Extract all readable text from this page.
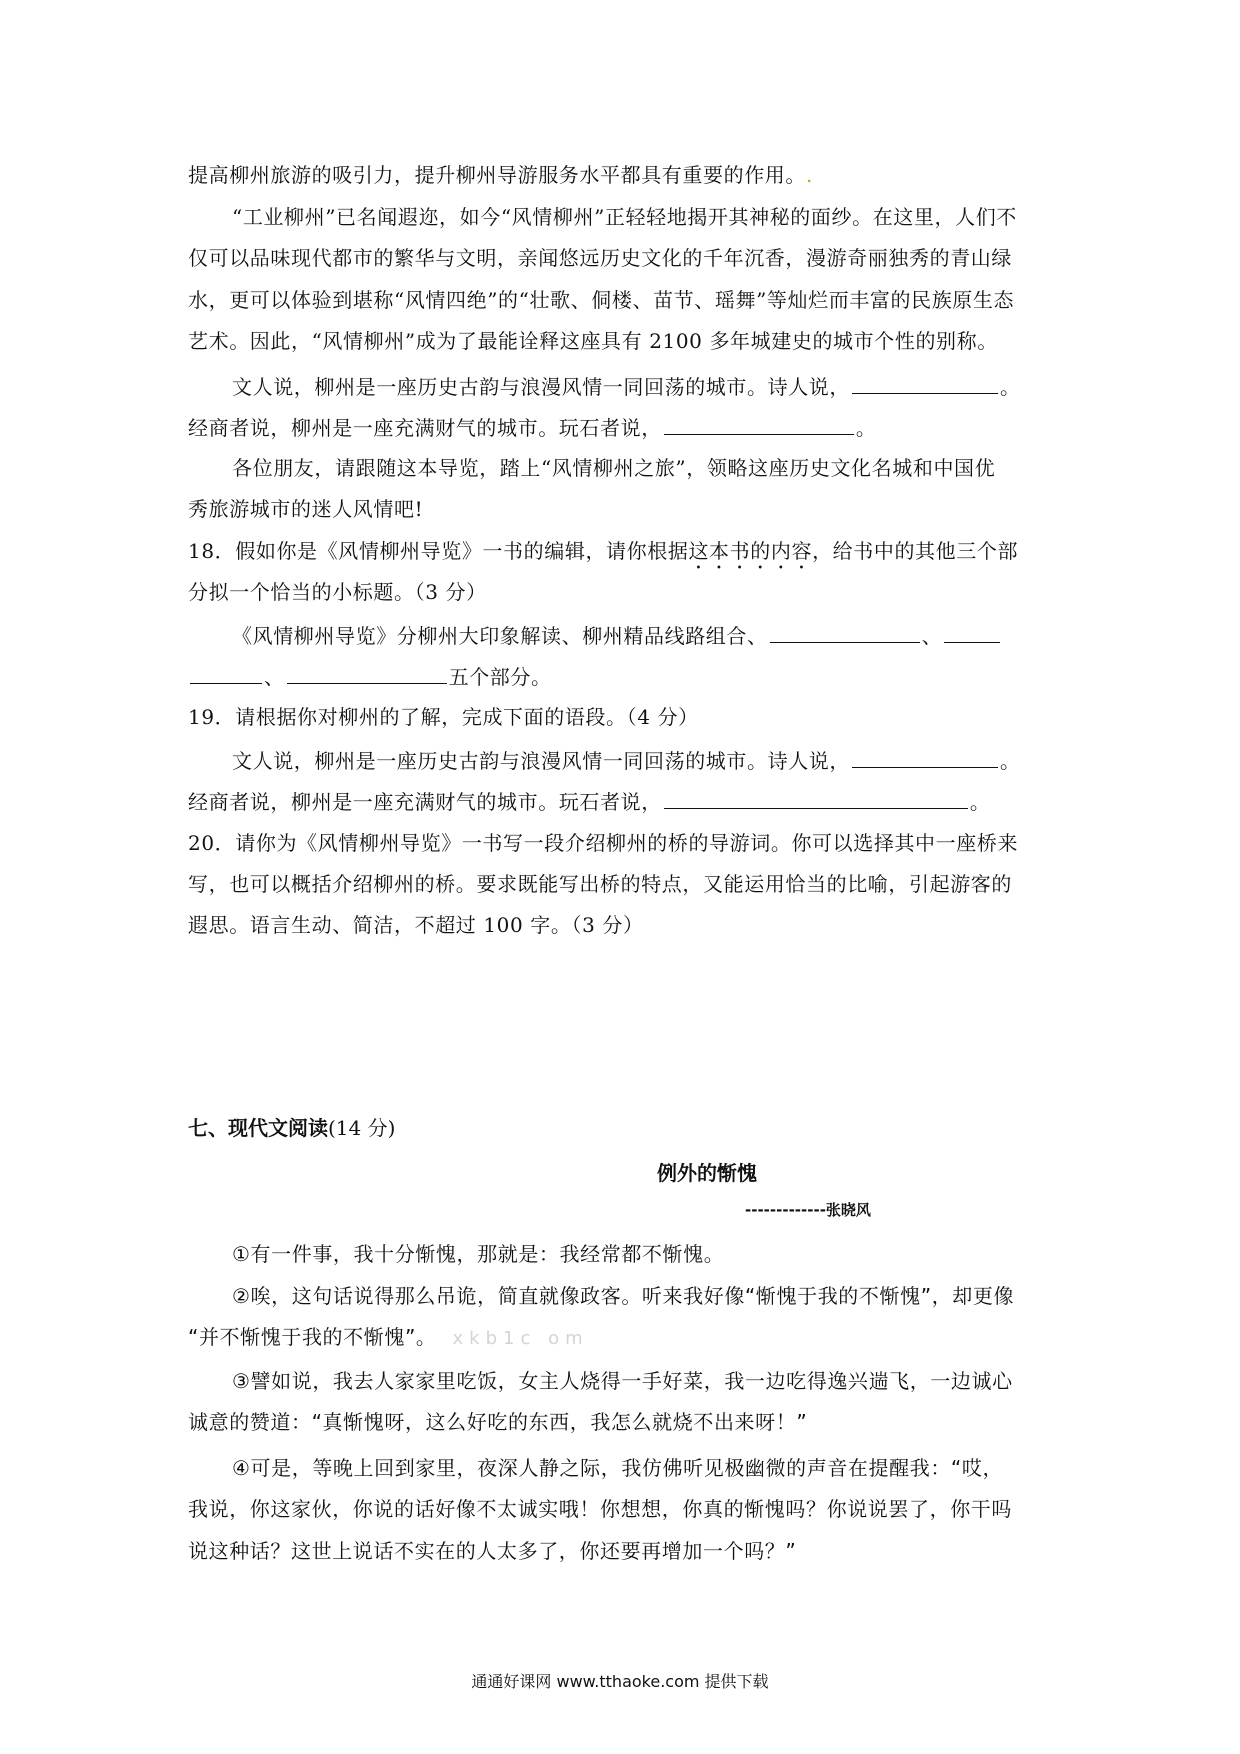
提高柳州旅游的吸引力，提升柳州导游服务水平都具有重要的作用。.
“工业柳州”已名闻遐迩，如今“风情柳州”正轻轻地揭开其神秘的面纱。在这里，人们不
仅可以品味现代都市的繁华与文明，亲闻悠远历史文化的千年沉香，漫游奇丽独秀的青山绿
水，更可以体验到堪称“风情四绝”的“壮歌、侗楼、苗节、瑶舞”等灿烂而丰富的民族原生态
艺术。因此，“风情柳州”成为了最能诠释这座具有 2100 多年城建史的城市个性的别称。
文人说，柳州是一座历史古韵与浪漫风情一同回荡的城市。诗人说，	。
经商者说，柳州是一座充满财气的城市。玩石者说，	。
各位朋友，请跟随这本导览，踏上“风情柳州之旅”，领略这座历史文化名城和中国优
秀旅游城市的迷人风情吧!
18．假如你是《风情柳州导览》一书的编辑，请你根据这本书的内容，给书中的其他三个部
分拟一个恰当的小标题。（3 分）
《风情柳州导览》分柳州大印象解读、柳州精品线路组合、	、
、	五个部分。
19．请根据你对柳州的了解，完成下面的语段。（4 分）
文人说，柳州是一座历史古韵与浪漫风情一同回荡的城市。诗人说，	。
经商者说，柳州是一座充满财气的城市。玩石者说，	。
20．请你为《风情柳州导览》一书写一段介绍柳州的桥的导游词。你可以选择其中一座桥来
写，也可以概括介绍柳州的桥。要求既能写出桥的特点，又能运用恰当的比喻，引起游客的
遐思。语言生动、简洁，不超过 100 字。（3 分）
七、现代文阅读(14 分)
例外的惭愧
-------------张晓风
①有一件事，我十分惭愧，那就是：我经常都不惭愧。
②唉，这句话说得那么吊诡，简直就像政客。听来我好像“惭愧于我的不惭愧”，却更像
“并不惭愧于我的不惭愧”。 xkb1c om
③譬如说，我去人家家里吃饭，女主人烧得一手好菜，我一边吃得逸兴遄飞，一边诚心
诚意的赞道：“真惭愧呀，这么好吃的东西，我怎么就烧不出来呀！”
④可是，等晚上回到家里，夜深人静之际，我仿佛听见极幽微的声音在提醒我：“哎，
我说，你这家伙，你说的话好像不太诚实哦！你想想，你真的惭愧吗？你说说罢了，你干吗
说这种话？这世上说话不实在的人太多了，你还要再增加一个吗？”
通通好课网 www.tthaoke.com 提供下载
